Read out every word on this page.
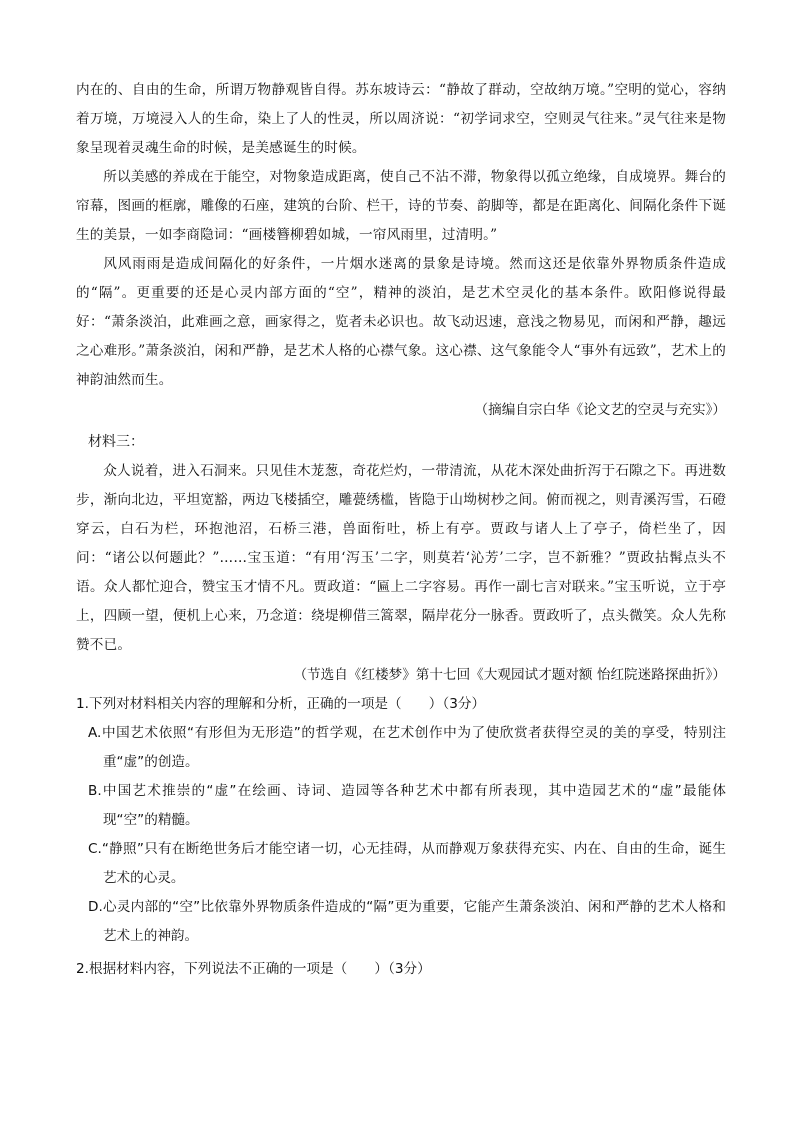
内在的、自由的生命，所谓万物静观皆自得。苏东坡诗云：“静故了群动，空故纳万境。”空明的觉心，容纳着万境，万境浸入人的生命，染上了人的性灵，所以周济说：“初学词求空，空则灵气往来。”灵气往来是物象呈现着灵魂生命的时候，是美感诞生的时候。

所以美感的养成在于能空，对物象造成距离，使自己不沾不滞，物象得以孤立绝缘，自成境界。舞台的帘幕，图画的框廓，雕像的石座，建筑的台阶、栏干，诗的节奏、韵脚等，都是在距离化、间隔化条件下诞生的美景，一如李商隐词：“画楼簪柳碧如城，一帘风雨里，过清明。”

风风雨雨是造成间隔化的好条件，一片烟水迷离的景象是诗境。然而这还是依靠外界物质条件造成的“隔”。更重要的还是心灵内部方面的“空”，精神的淡泊，是艺术空灵化的基本条件。欧阳修说得最好：“萧条淡泊，此难画之意，画家得之，览者未必识也。故飞动迟速，意浅之物易见，而闲和严静，趣远之心难形。”萧条淡泊，闲和严静，是艺术人格的心襟气象。这心襟、这气象能令人“事外有远致”，艺术上的神韵油然而生。

（摘编自宗白华《论文艺的空灵与充实》）

材料三：

众人说着，进入石洞来。只见佳木茏葱，奇花烂灼，一带清流，从花木深处曲折泻于石隙之下。再进数步，渐向北边，平坦宽豁，两边飞楼插空，雕甍绣槛，皆隐于山坳树杪之间。俯而视之，则青溪泻雪，石磴穿云，白石为栏，环抱池沼，石桥三港，兽面衔吐，桥上有亭。贾政与诸人上了亭子，倚栏坐了，因问：“诸公以何题此？”……宝玉道：“有用‘泻玉’二字，则莫若‘沁芳’二字，岂不新雅？”贾政拈髯点头不语。众人都忙迎合，赞宝玉才情不凡。贾政道：“匾上二字容易。再作一副七言对联来。”宝玉听说，立于亭上，四顾一望，便机上心来，乃念道：绕堤柳借三篙翠，隔岸花分一脉香。贾政听了，点头微笑。众人先称赞不已。

（节选自《红楼梦》第十七回《大观园试才题对额 怡红院迷路探曲折》）

1.下列对材料相关内容的理解和分析，正确的一项是（　　）（3分）

A.中国艺术依照“有形但为无形造”的哲学观，在艺术创作中为了使欣赏者获得空灵的美的享受，特别注重“虚”的创造。

B.中国艺术推崇的“虚”在绘画、诗词、造园等各种艺术中都有所表现，其中造园艺术的“虚”最能体现“空”的精髓。

C.“静照”只有在断绝世务后才能空诸一切，心无挂碍，从而静观万象获得充实、内在、自由的生命，诞生艺术的心灵。

D.心灵内部的“空”比依靠外界物质条件造成的“隔”更为重要，它能产生萧条淡泊、闲和严静的艺术人格和艺术上的神韵。

2.根据材料内容，下列说法不正确的一项是（　　）（3分）
